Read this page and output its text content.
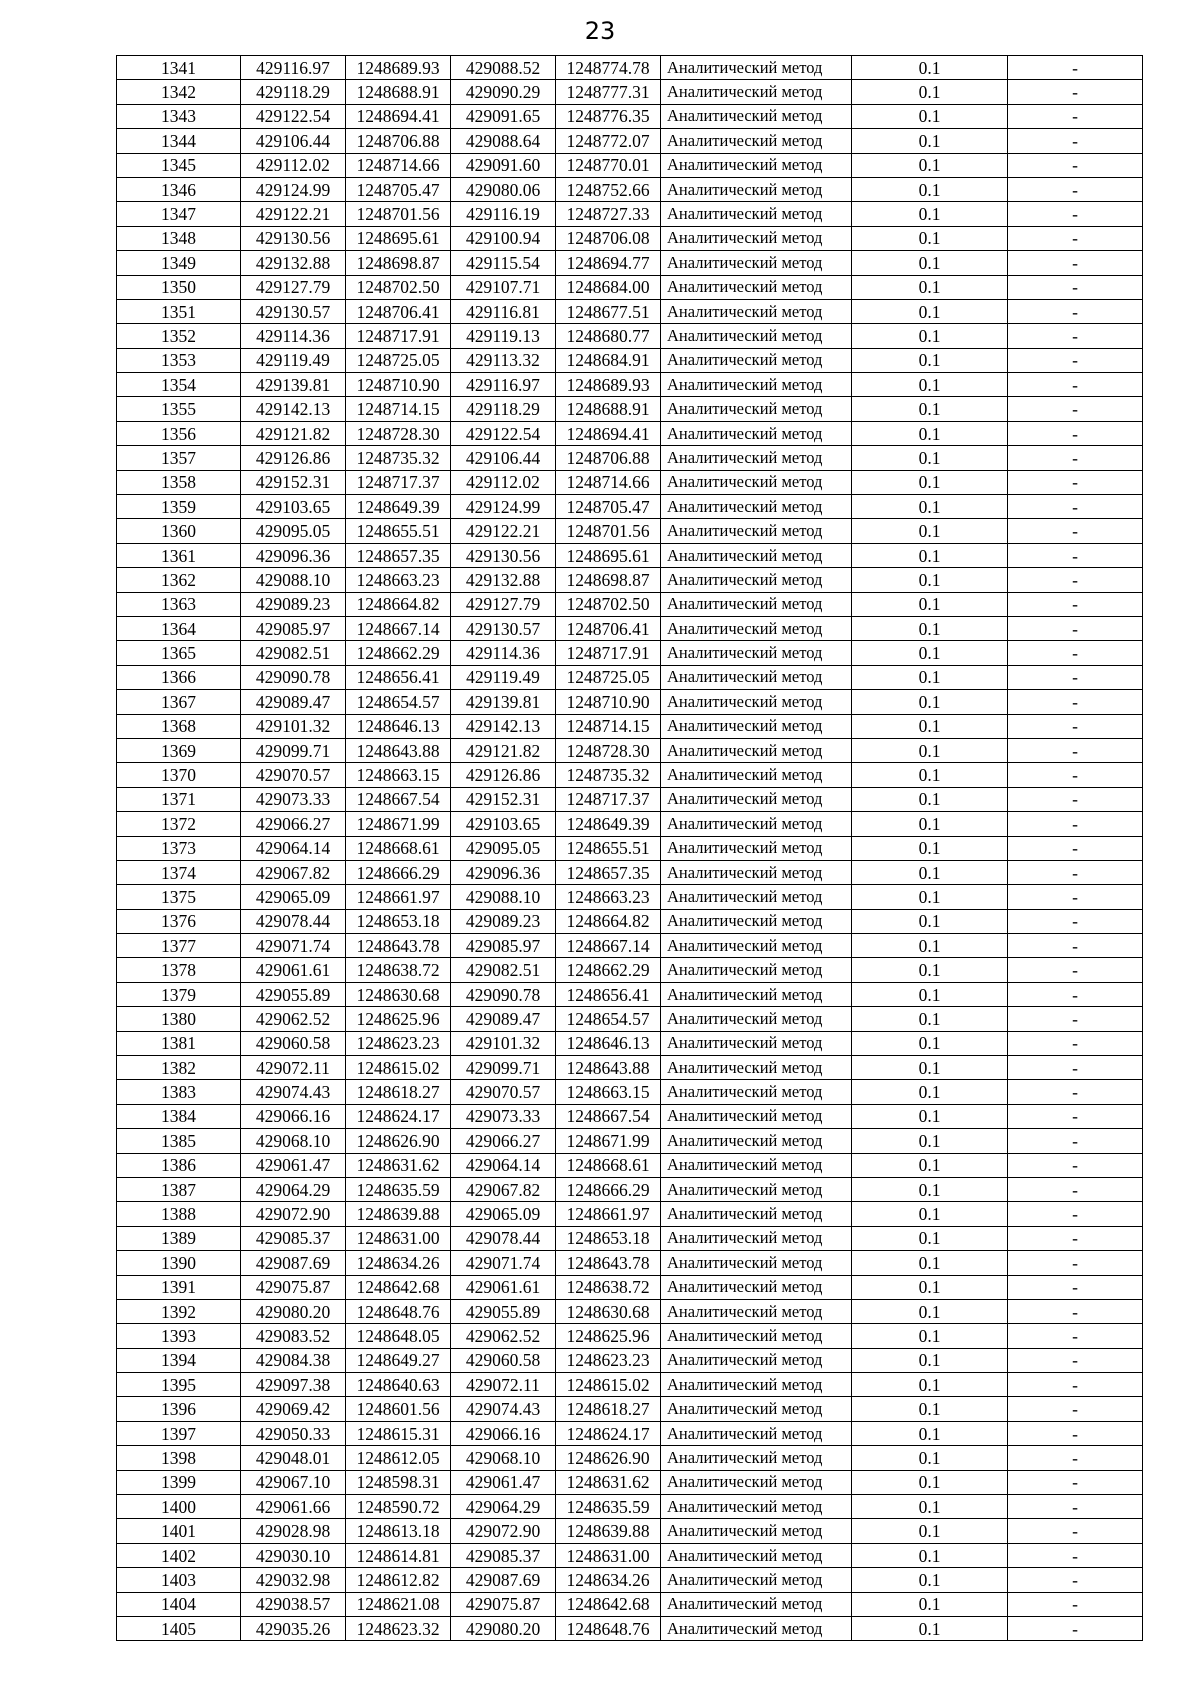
23
1341	429116.97	1248689.93	429088.52	1248774.78	Аналитический метод	0.1	-
1342	429118.29	1248688.91	429090.29	1248777.31	Аналитический метод	0.1	-
1343	429122.54	1248694.41	429091.65	1248776.35	Аналитический метод	0.1	-
1344	429106.44	1248706.88	429088.64	1248772.07	Аналитический метод	0.1	-
1345	429112.02	1248714.66	429091.60	1248770.01	Аналитический метод	0.1	-
1346	429124.99	1248705.47	429080.06	1248752.66	Аналитический метод	0.1	-
1347	429122.21	1248701.56	429116.19	1248727.33	Аналитический метод	0.1	-
1348	429130.56	1248695.61	429100.94	1248706.08	Аналитический метод	0.1	-
1349	429132.88	1248698.87	429115.54	1248694.77	Аналитический метод	0.1	-
1350	429127.79	1248702.50	429107.71	1248684.00	Аналитический метод	0.1	-
1351	429130.57	1248706.41	429116.81	1248677.51	Аналитический метод	0.1	-
1352	429114.36	1248717.91	429119.13	1248680.77	Аналитический метод	0.1	-
1353	429119.49	1248725.05	429113.32	1248684.91	Аналитический метод	0.1	-
1354	429139.81	1248710.90	429116.97	1248689.93	Аналитический метод	0.1	-
1355	429142.13	1248714.15	429118.29	1248688.91	Аналитический метод	0.1	-
1356	429121.82	1248728.30	429122.54	1248694.41	Аналитический метод	0.1	-
1357	429126.86	1248735.32	429106.44	1248706.88	Аналитический метод	0.1	-
1358	429152.31	1248717.37	429112.02	1248714.66	Аналитический метод	0.1	-
1359	429103.65	1248649.39	429124.99	1248705.47	Аналитический метод	0.1	-
1360	429095.05	1248655.51	429122.21	1248701.56	Аналитический метод	0.1	-
1361	429096.36	1248657.35	429130.56	1248695.61	Аналитический метод	0.1	-
1362	429088.10	1248663.23	429132.88	1248698.87	Аналитический метод	0.1	-
1363	429089.23	1248664.82	429127.79	1248702.50	Аналитический метод	0.1	-
1364	429085.97	1248667.14	429130.57	1248706.41	Аналитический метод	0.1	-
1365	429082.51	1248662.29	429114.36	1248717.91	Аналитический метод	0.1	-
1366	429090.78	1248656.41	429119.49	1248725.05	Аналитический метод	0.1	-
1367	429089.47	1248654.57	429139.81	1248710.90	Аналитический метод	0.1	-
1368	429101.32	1248646.13	429142.13	1248714.15	Аналитический метод	0.1	-
1369	429099.71	1248643.88	429121.82	1248728.30	Аналитический метод	0.1	-
1370	429070.57	1248663.15	429126.86	1248735.32	Аналитический метод	0.1	-
1371	429073.33	1248667.54	429152.31	1248717.37	Аналитический метод	0.1	-
1372	429066.27	1248671.99	429103.65	1248649.39	Аналитический метод	0.1	-
1373	429064.14	1248668.61	429095.05	1248655.51	Аналитический метод	0.1	-
1374	429067.82	1248666.29	429096.36	1248657.35	Аналитический метод	0.1	-
1375	429065.09	1248661.97	429088.10	1248663.23	Аналитический метод	0.1	-
1376	429078.44	1248653.18	429089.23	1248664.82	Аналитический метод	0.1	-
1377	429071.74	1248643.78	429085.97	1248667.14	Аналитический метод	0.1	-
1378	429061.61	1248638.72	429082.51	1248662.29	Аналитический метод	0.1	-
1379	429055.89	1248630.68	429090.78	1248656.41	Аналитический метод	0.1	-
1380	429062.52	1248625.96	429089.47	1248654.57	Аналитический метод	0.1	-
1381	429060.58	1248623.23	429101.32	1248646.13	Аналитический метод	0.1	-
1382	429072.11	1248615.02	429099.71	1248643.88	Аналитический метод	0.1	-
1383	429074.43	1248618.27	429070.57	1248663.15	Аналитический метод	0.1	-
1384	429066.16	1248624.17	429073.33	1248667.54	Аналитический метод	0.1	-
1385	429068.10	1248626.90	429066.27	1248671.99	Аналитический метод	0.1	-
1386	429061.47	1248631.62	429064.14	1248668.61	Аналитический метод	0.1	-
1387	429064.29	1248635.59	429067.82	1248666.29	Аналитический метод	0.1	-
1388	429072.90	1248639.88	429065.09	1248661.97	Аналитический метод	0.1	-
1389	429085.37	1248631.00	429078.44	1248653.18	Аналитический метод	0.1	-
1390	429087.69	1248634.26	429071.74	1248643.78	Аналитический метод	0.1	-
1391	429075.87	1248642.68	429061.61	1248638.72	Аналитический метод	0.1	-
1392	429080.20	1248648.76	429055.89	1248630.68	Аналитический метод	0.1	-
1393	429083.52	1248648.05	429062.52	1248625.96	Аналитический метод	0.1	-
1394	429084.38	1248649.27	429060.58	1248623.23	Аналитический метод	0.1	-
1395	429097.38	1248640.63	429072.11	1248615.02	Аналитический метод	0.1	-
1396	429069.42	1248601.56	429074.43	1248618.27	Аналитический метод	0.1	-
1397	429050.33	1248615.31	429066.16	1248624.17	Аналитический метод	0.1	-
1398	429048.01	1248612.05	429068.10	1248626.90	Аналитический метод	0.1	-
1399	429067.10	1248598.31	429061.47	1248631.62	Аналитический метод	0.1	-
1400	429061.66	1248590.72	429064.29	1248635.59	Аналитический метод	0.1	-
1401	429028.98	1248613.18	429072.90	1248639.88	Аналитический метод	0.1	-
1402	429030.10	1248614.81	429085.37	1248631.00	Аналитический метод	0.1	-
1403	429032.98	1248612.82	429087.69	1248634.26	Аналитический метод	0.1	-
1404	429038.57	1248621.08	429075.87	1248642.68	Аналитический метод	0.1	-
1405	429035.26	1248623.32	429080.20	1248648.76	Аналитический метод	0.1	-
